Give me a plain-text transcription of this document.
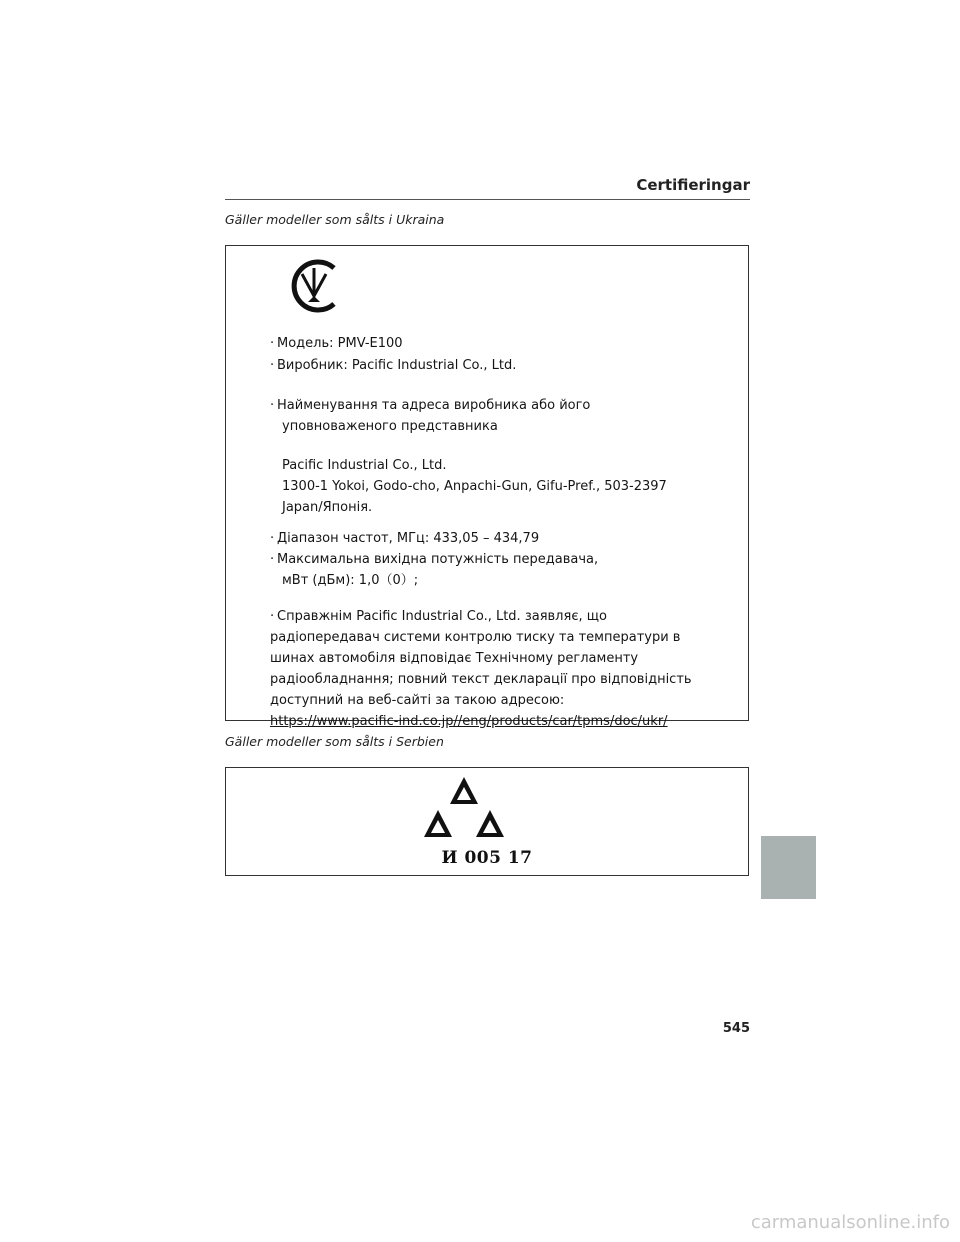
Certifieringar
Gäller modeller som sålts i Ukraina
· Модель: PMV-E100
· Виробник: Pacific Industrial Co., Ltd.
· Найменування та адреса виробника або його
уповноваженого представника
Pacific Industrial Co., Ltd.
1300-1 Yokoi, Godo-cho, Anpachi-Gun, Gifu-Pref., 503-2397
Japan/Японія.
· Діапазон частот, МГц: 433,05 – 434,79
· Максимальна вихідна потужність передавача,
мВт (дБм): 1,0（0）;
· Справжнім Pacific Industrial Co., Ltd. заявляє, що
радіопередавач системи контролю тиску та температури в
шинах автомобіля відповідає Технічному регламенту
радіообладнання; повний текст декларації про відповідність
доступний на веб-сайті за такою адресою:
https://www.pacific-ind.co.jp//eng/products/car/tpms/doc/ukr/
Gäller modeller som sålts i Serbien
И 005 17
545
carmanualsonline.info
